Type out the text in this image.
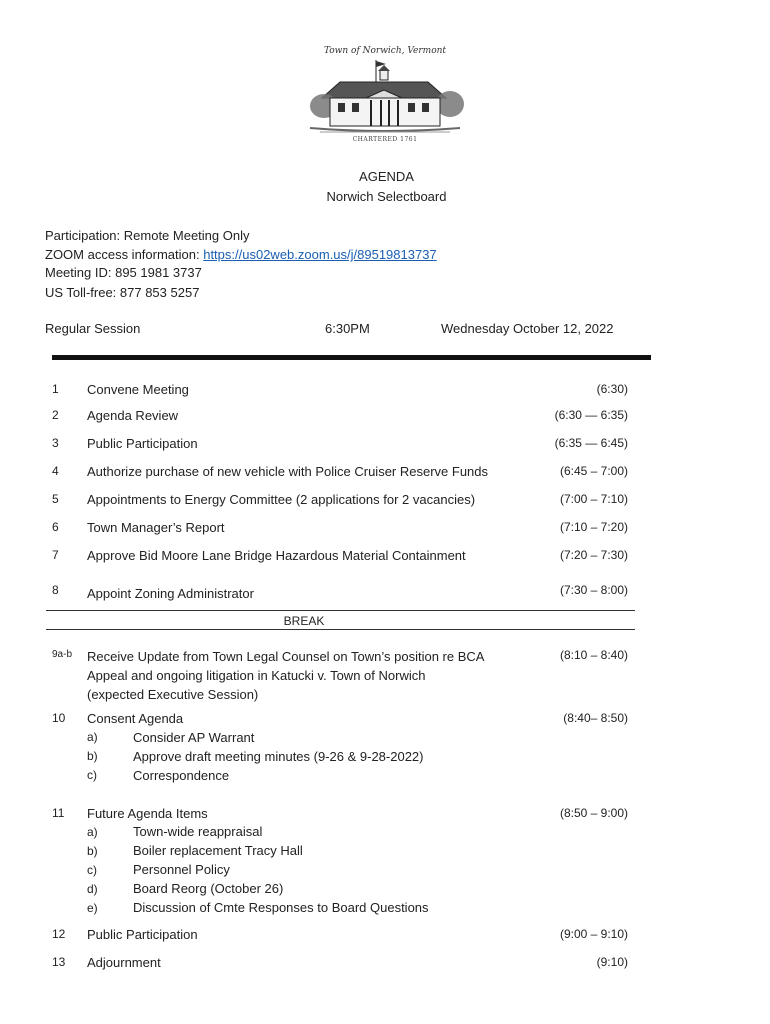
Town of Norwich, Vermont
CHARTERED 1761
AGENDA
Norwich Selectboard
Participation: Remote Meeting Only
ZOOM access information: https://us02web.zoom.us/j/89519813737
Meeting ID: 895 1981 3737
US Toll-free: 877 853 5257
Regular Session	6:30PM	Wednesday October 12, 2022
1 Convene Meeting	(6:30)
2 Agenda Review	(6:30 — 6:35)
3 Public Participation	(6:35 — 6:45)
4 Authorize purchase of new vehicle with Police Cruiser Reserve Funds	(6:45 – 7:00)
5 Appointments to Energy Committee (2 applications for 2 vacancies)	(7:00 – 7:10)
6 Town Manager’s Report	(7:10 – 7:20)
7 Approve Bid Moore Lane Bridge Hazardous Material Containment	(7:20 – 7:30)
8 Appoint Zoning Administrator	(7:30 – 8:00)
BREAK
9a-b Receive Update from Town Legal Counsel on Town’s position re BCA
Appeal and ongoing litigation in Katucki v. Town of Norwich
(expected Executive Session)
(8:10 – 8:40)
10 Consent Agenda	(8:40– 8:50)
a)	Consider AP Warrant
b)	Approve draft meeting minutes (9-26 & 9-28-2022)
c)	Correspondence
11 Future Agenda Items	(8:50 – 9:00)
a)	Town-wide reappraisal
b)	Boiler replacement Tracy Hall
c)	Personnel Policy
d)	Board Reorg (October 26)
e)	Discussion of Cmte Responses to Board Questions
12 Public Participation	(9:00 – 9:10)
13 Adjournment	(9:10)
